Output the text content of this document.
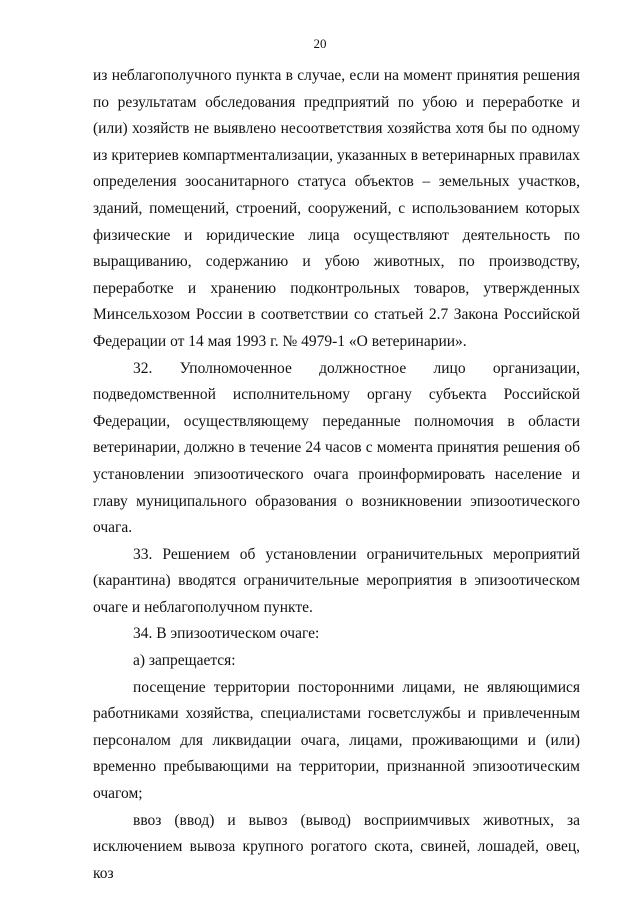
20

из неблагополучного пункта в случае, если на момент принятия решения по результатам обследования предприятий по убою и переработке и (или) хозяйств не выявлено несоответствия хозяйства хотя бы по одному из критериев компартментализации, указанных в ветеринарных правилах определения зоосанитарного статуса объектов – земельных участков, зданий, помещений, строений, сооружений, с использованием которых физические и юридические лица осуществляют деятельность по выращиванию, содержанию и убою животных, по производству, переработке и хранению подконтрольных товаров, утвержденных Минсельхозом России в соответствии со статьей 2.7 Закона Российской Федерации от 14 мая 1993 г. № 4979-1 «О ветеринарии».

32. Уполномоченное должностное лицо организации, подведомственной исполнительному органу субъекта Российской Федерации, осуществляющему переданные полномочия в области ветеринарии, должно в течение 24 часов с момента принятия решения об установлении эпизоотического очага проинформировать население и главу муниципального образования о возникновении эпизоотического очага.

33. Решением об установлении ограничительных мероприятий (карантина) вводятся ограничительные мероприятия в эпизоотическом очаге и неблагополучном пункте.

34. В эпизоотическом очаге:

а) запрещается:

посещение территории посторонними лицами, не являющимися работниками хозяйства, специалистами госветслужбы и привлеченным персоналом для ликвидации очага, лицами, проживающими и (или) временно пребывающими на территории, признанной эпизоотическим очагом;

ввоз (ввод) и вывоз (вывод) восприимчивых животных, за исключением вывоза крупного рогатого скота, свиней, лошадей, овец, коз
